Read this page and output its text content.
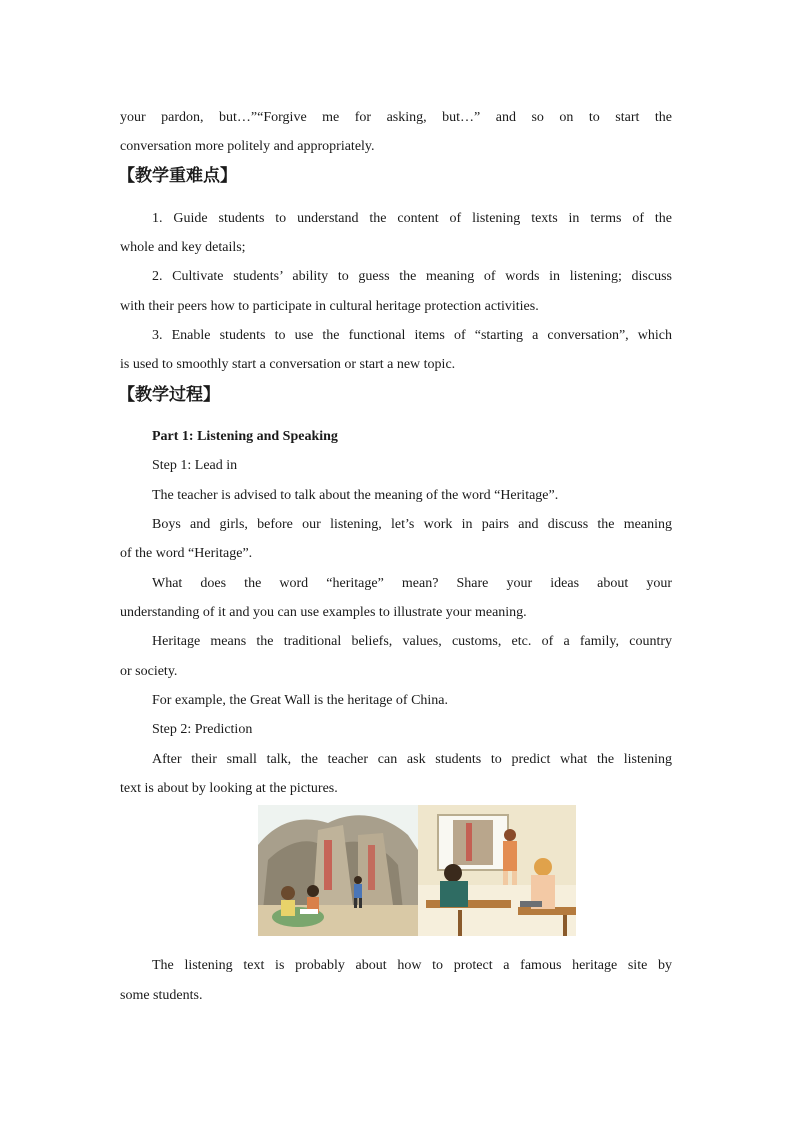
your pardon, but…”“Forgive me for asking, but…” and so on to start the
conversation more politely and appropriately.
【教学重难点】
1. Guide students to understand the content of listening texts in terms of the
whole and key details;
2. Cultivate students’ ability to guess the meaning of words in listening; discuss
with their peers how to participate in cultural heritage protection activities.
3. Enable students to use the functional items of “starting a conversation”, which
is used to smoothly start a conversation or start a new topic.
【教学过程】
Part 1: Listening and Speaking
Step 1: Lead in
The teacher is advised to talk about the meaning of the word “Heritage”.
Boys and girls, before our listening, let’s work in pairs and discuss the meaning
of the word “Heritage”.
What does the word “heritage” mean? Share your ideas about your
understanding of it and you can use examples to illustrate your meaning.
Heritage means the traditional beliefs, values, customs, etc. of a family, country
or society.
For example, the Great Wall is the heritage of China.
Step 2: Prediction
After their small talk, the teacher can ask students to predict what the listening
text is about by looking at the pictures.
The listening text is probably about how to protect a famous heritage site by
some students.
